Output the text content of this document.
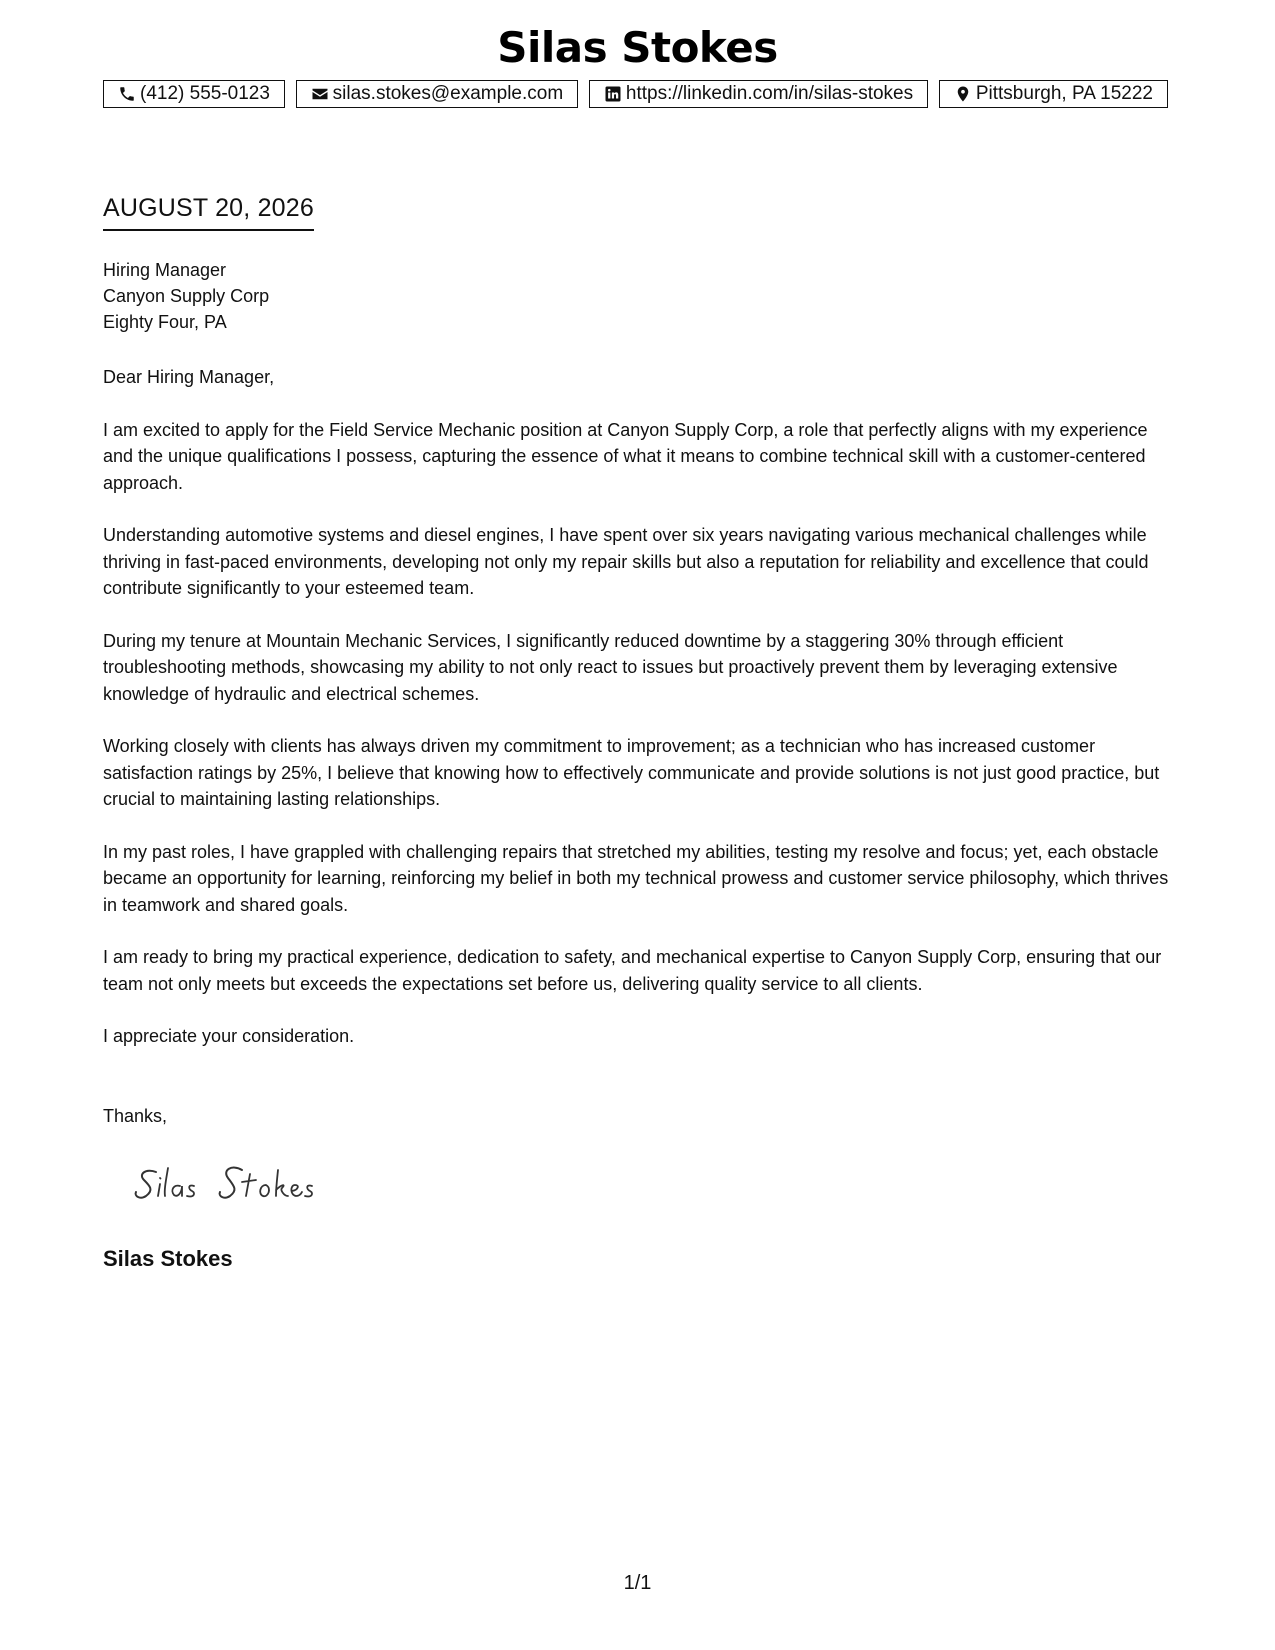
Silas Stokes
(412) 555-0123	silas.stokes@example.com	https://linkedin.com/in/silas-stokes	Pittsburgh, PA 15222
AUGUST 20, 2026
Hiring Manager
Canyon Supply Corp
Eighty Four, PA

Dear Hiring Manager,

I am excited to apply for the Field Service Mechanic position at Canyon Supply Corp, a role that perfectly aligns with my experience and the unique qualifications I possess, capturing the essence of what it means to combine technical skill with a customer-centered approach.

Understanding automotive systems and diesel engines, I have spent over six years navigating various mechanical challenges while thriving in fast-paced environments, developing not only my repair skills but also a reputation for reliability and excellence that could contribute significantly to your esteemed team.

During my tenure at Mountain Mechanic Services, I significantly reduced downtime by a staggering 30% through efficient troubleshooting methods, showcasing my ability to not only react to issues but proactively prevent them by leveraging extensive knowledge of hydraulic and electrical schemes.

Working closely with clients has always driven my commitment to improvement; as a technician who has increased customer satisfaction ratings by 25%, I believe that knowing how to effectively communicate and provide solutions is not just good practice, but crucial to maintaining lasting relationships.

In my past roles, I have grappled with challenging repairs that stretched my abilities, testing my resolve and focus; yet, each obstacle became an opportunity for learning, reinforcing my belief in both my technical prowess and customer service philosophy, which thrives in teamwork and shared goals.

I am ready to bring my practical experience, dedication to safety, and mechanical expertise to Canyon Supply Corp, ensuring that our team not only meets but exceeds the expectations set before us, delivering quality service to all clients.

I appreciate your consideration.

Thanks,
Silas Stokes
1/1
